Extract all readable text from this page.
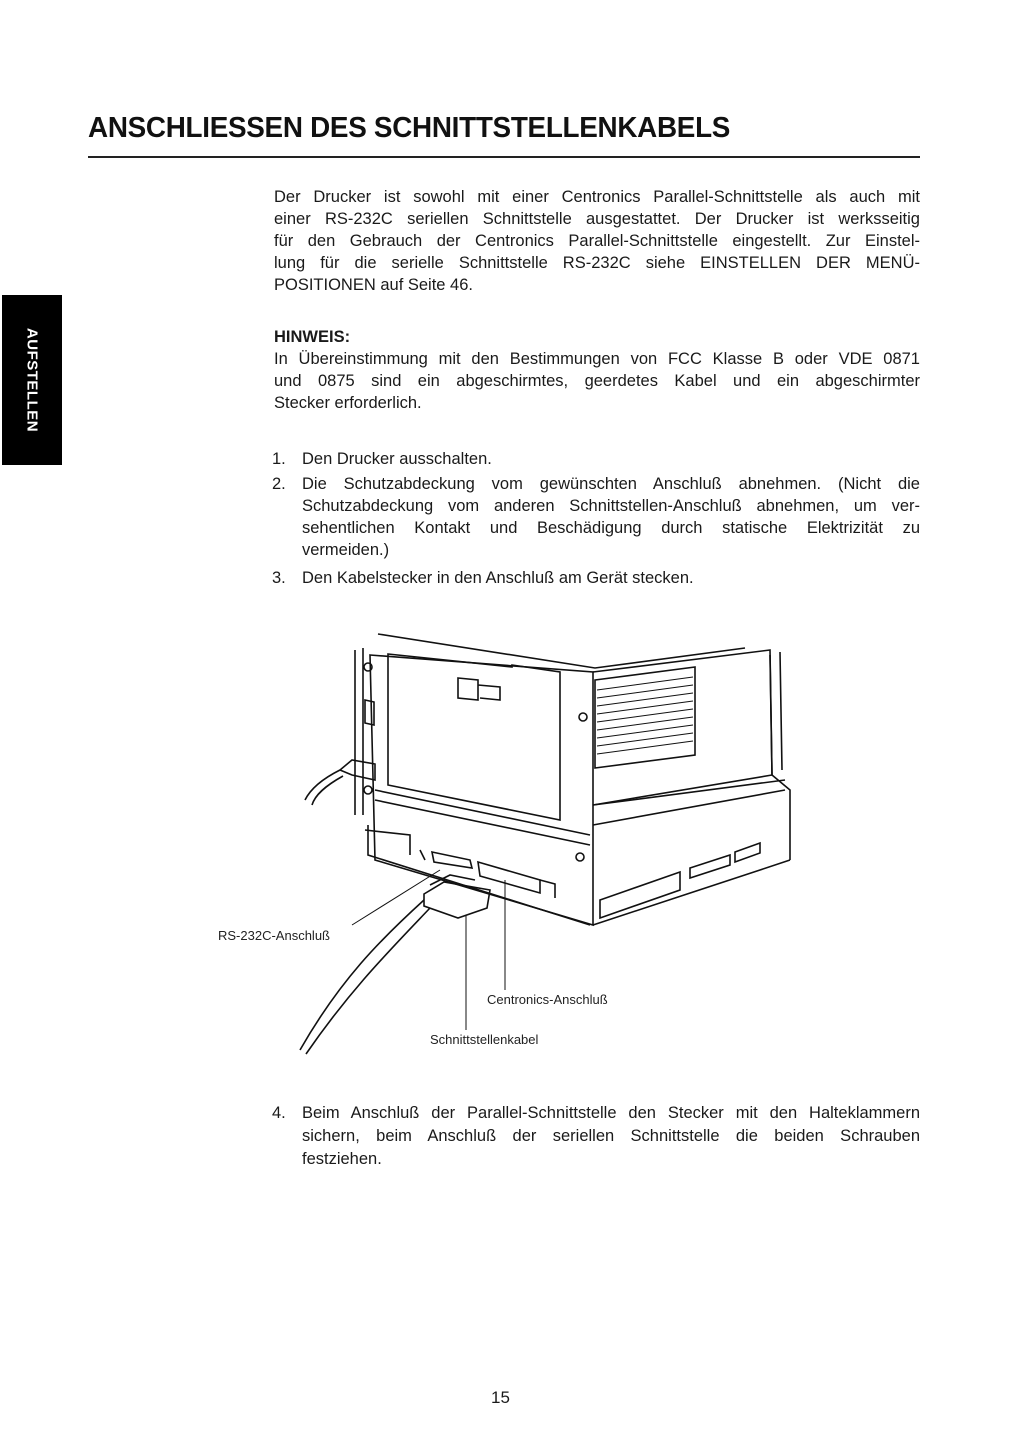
ANSCHLIESSEN DES SCHNITTSTELLENKABELS
AUFSTELLEN
Der Drucker ist sowohl mit einer Centronics Parallel-Schnittstelle als auch mit
einer RS-232C seriellen Schnittstelle ausgestattet. Der Drucker ist werksseitig
für den Gebrauch der Centronics Parallel-Schnittstelle eingestellt. Zur Einstel-
lung für die serielle Schnittstelle RS-232C siehe EINSTELLEN DER MENÜ-
POSITIONEN auf Seite 46.
HINWEIS:
In Übereinstimmung mit den Bestimmungen von FCC Klasse B oder VDE 0871
und 0875 sind ein abgeschirmtes, geerdetes Kabel und ein abgeschirmter
Stecker erforderlich.
1. Den Drucker ausschalten.
2. Die Schutzabdeckung vom gewünschten Anschluß abnehmen. (Nicht die
Schutzabdeckung vom anderen Schnittstellen-Anschluß abnehmen, um ver-
sehentlichen Kontakt und Beschädigung durch statische Elektrizität zu
vermeiden.)
3. Den Kabelstecker in den Anschluß am Gerät stecken.
4. Beim Anschluß der Parallel-Schnittstelle den Stecker mit den Halteklammern
sichern, beim Anschluß der seriellen Schnittstelle die beiden Schrauben
festziehen.
RS-232C-Anschluß
Centronics-Anschluß
Schnittstellenkabel
15
